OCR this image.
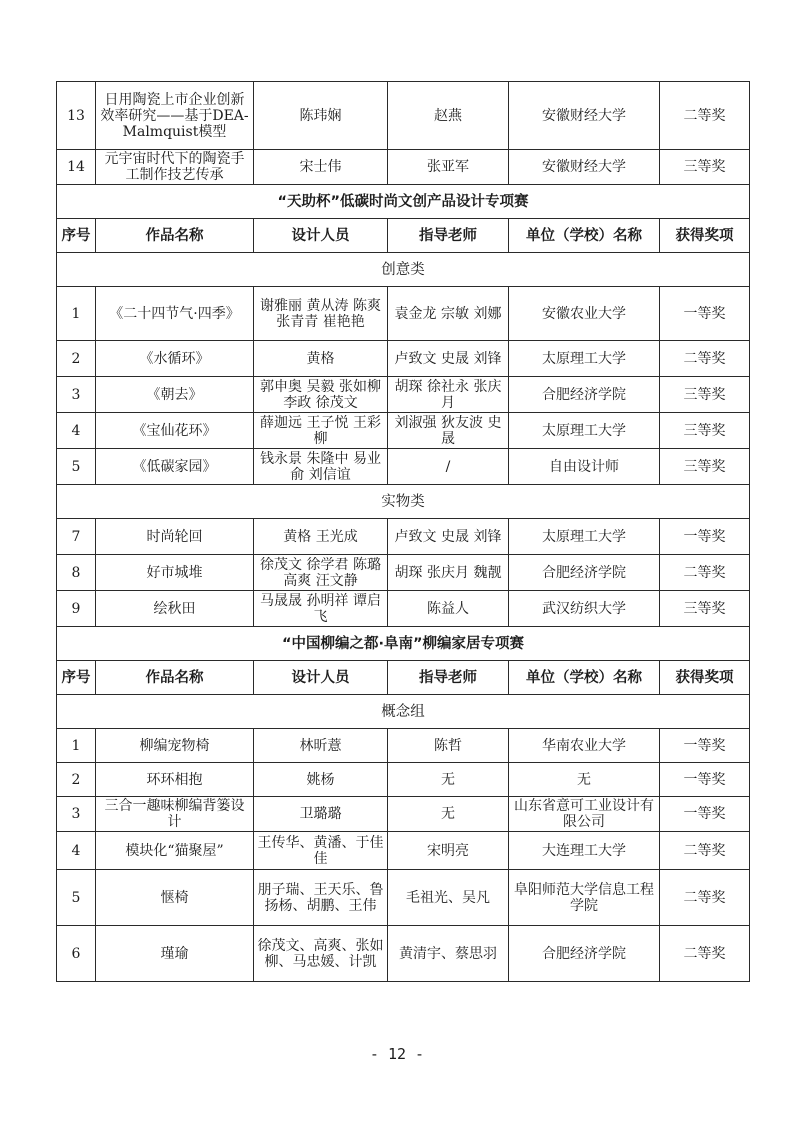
13	日用陶瓷上市企业创新效率研究——基于DEA-Malmquist模型	陈玮娴	赵燕	安徽财经大学	二等奖
14	元宇宙时代下的陶瓷手工制作技艺传承	宋士伟	张亚军	安徽财经大学	三等奖
“天助杯”低碳时尚文创产品设计专项赛					
序号	作品名称	设计人员	指导老师	单位（学校）名称	获得奖项
创意类					
1	《二十四节气·四季》	谢雅丽 黄从涛 陈爽 张青青 崔艳艳	袁金龙 宗敏 刘娜	安徽农业大学	一等奖
2	《水循环》	黄格	卢致文 史晟 刘锋	太原理工大学	二等奖
3	《朝去》	郭申奥 吴毅 张如柳 李政 徐茂文	胡琛 徐社永 张庆月	合肥经济学院	三等奖
4	《宝仙花环》	薛迦远 王子悦 王彩柳	刘淑强 狄友波 史晟	太原理工大学	三等奖
5	《低碳家园》	钱永景 朱隆中 易业俞 刘信谊	/	自由设计师	三等奖
实物类					
7	时尚轮回	黄格 王光成	卢致文 史晟 刘锋	太原理工大学	一等奖
8	好市城堆	徐茂文 徐学君 陈璐 高爽 汪文静	胡琛 张庆月 魏靓	合肥经济学院	二等奖
9	绘秋田	马晟晟 孙明祥 谭启飞	陈益人	武汉纺织大学	三等奖
“中国柳编之都·阜南”柳编家居专项赛					
序号	作品名称	设计人员	指导老师	单位（学校）名称	获得奖项
概念组					
1	柳编宠物椅	林昕薏	陈哲	华南农业大学	一等奖
2	环环相抱	姚杨	无	无	一等奖
3	三合一趣味柳编背篓设计	卫璐璐	无	山东省意可工业设计有限公司	一等奖
4	模块化“猫聚屋”	王传华、黄潘、于佳佳	宋明亮	大连理工大学	二等奖
5	惬椅	朋子瑞、王天乐、鲁扬杨、胡鹏、王伟	毛祖光、吴凡	阜阳师范大学信息工程学院	二等奖
6	瑾瑜	徐茂文、高爽、张如柳、马忠媛、计凯	黄清宇、蔡思羽	合肥经济学院	二等奖
- 12 -
